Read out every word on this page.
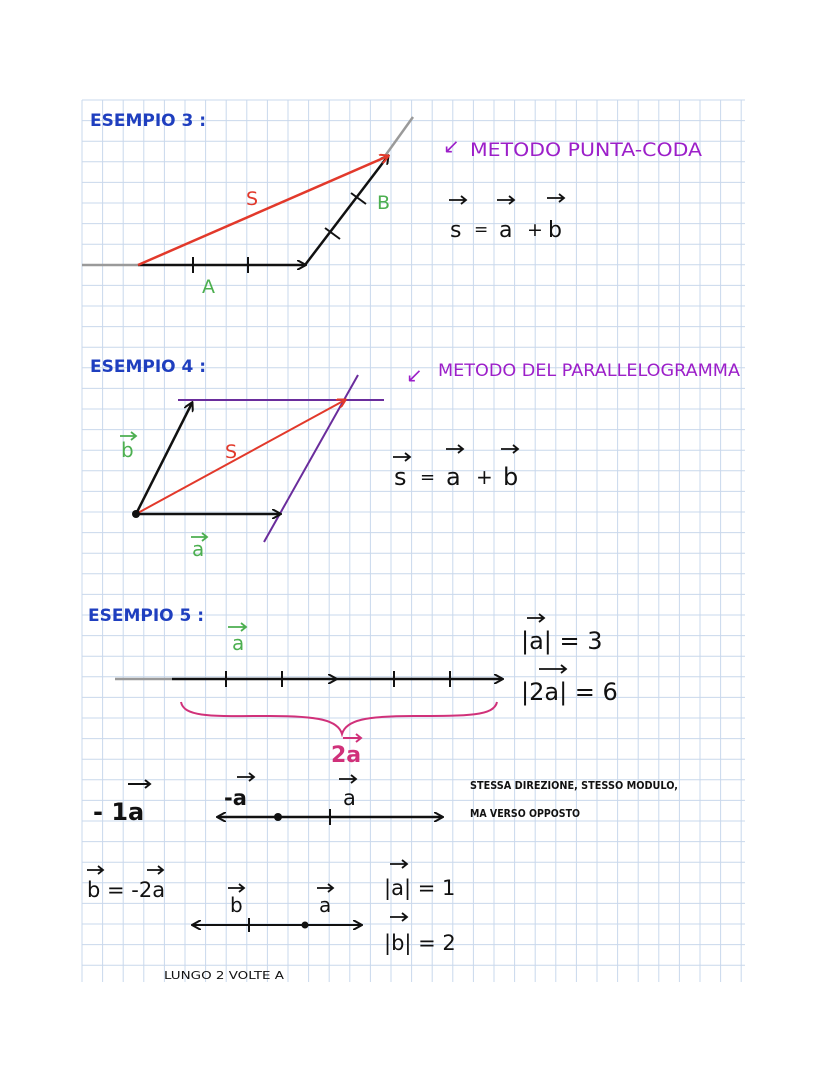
ESEMPIO 3 :
S
A
B
↙ METODO PUNTA-CODA
s = a + b
ESEMPIO 4 :
S
b
a
↙ METODO DEL PARALLELOGRAMMA
s = a + b
ESEMPIO 5 :
a
2a
|a| = 3
|2a| = 6
- 1a	-a	a	STESSA DIREZIONE, STESSO MODULO,
MA VERSO OPPOSTO
b = -2a
b	a
|a| = 1
|b| = 2
LUNGO 2 VOLTE A
